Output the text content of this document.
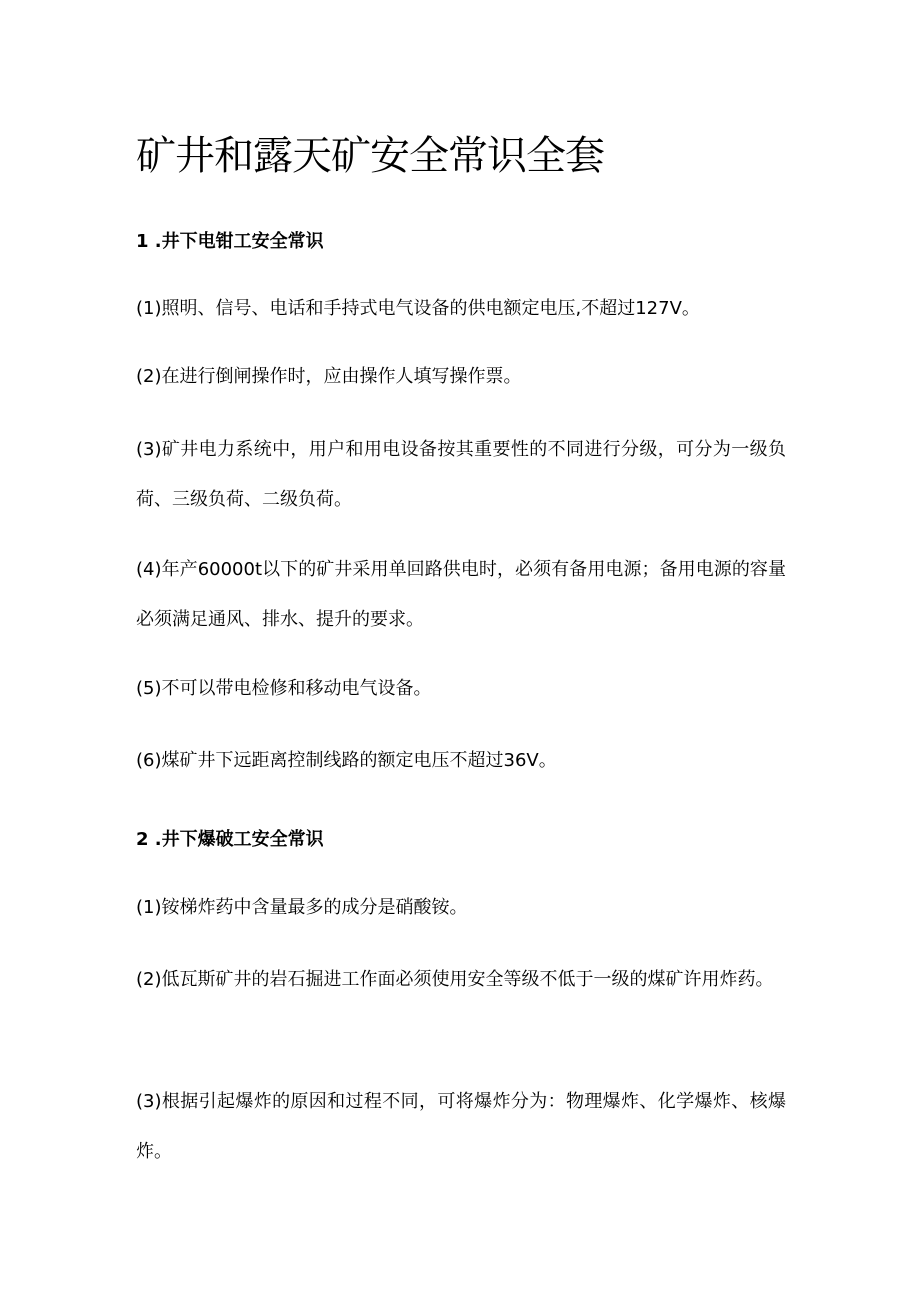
矿井和露天矿安全常识全套
1 .井下电钳工安全常识

(1)照明、信号、电话和手持式电气设备的供电额定电压,不超过127V。

(2)在进行倒闸操作时，应由操作人填写操作票。

(3)矿井电力系统中，用户和用电设备按其重要性的不同进行分级，可分为一级负荷、三级负荷、二级负荷。

(4)年产60000t以下的矿井采用单回路供电时，必须有备用电源；备用电源的容量必须满足通风、排水、提升的要求。

(5)不可以带电检修和移动电气设备。

(6)煤矿井下远距离控制线路的额定电压不超过36V。

2 .井下爆破工安全常识

(1)铵梯炸药中含量最多的成分是硝酸铵。

(2)低瓦斯矿井的岩石掘进工作面必须使用安全等级不低于一级的煤矿许用炸药。

(3)根据引起爆炸的原因和过程不同，可将爆炸分为：物理爆炸、化学爆炸、核爆炸。
